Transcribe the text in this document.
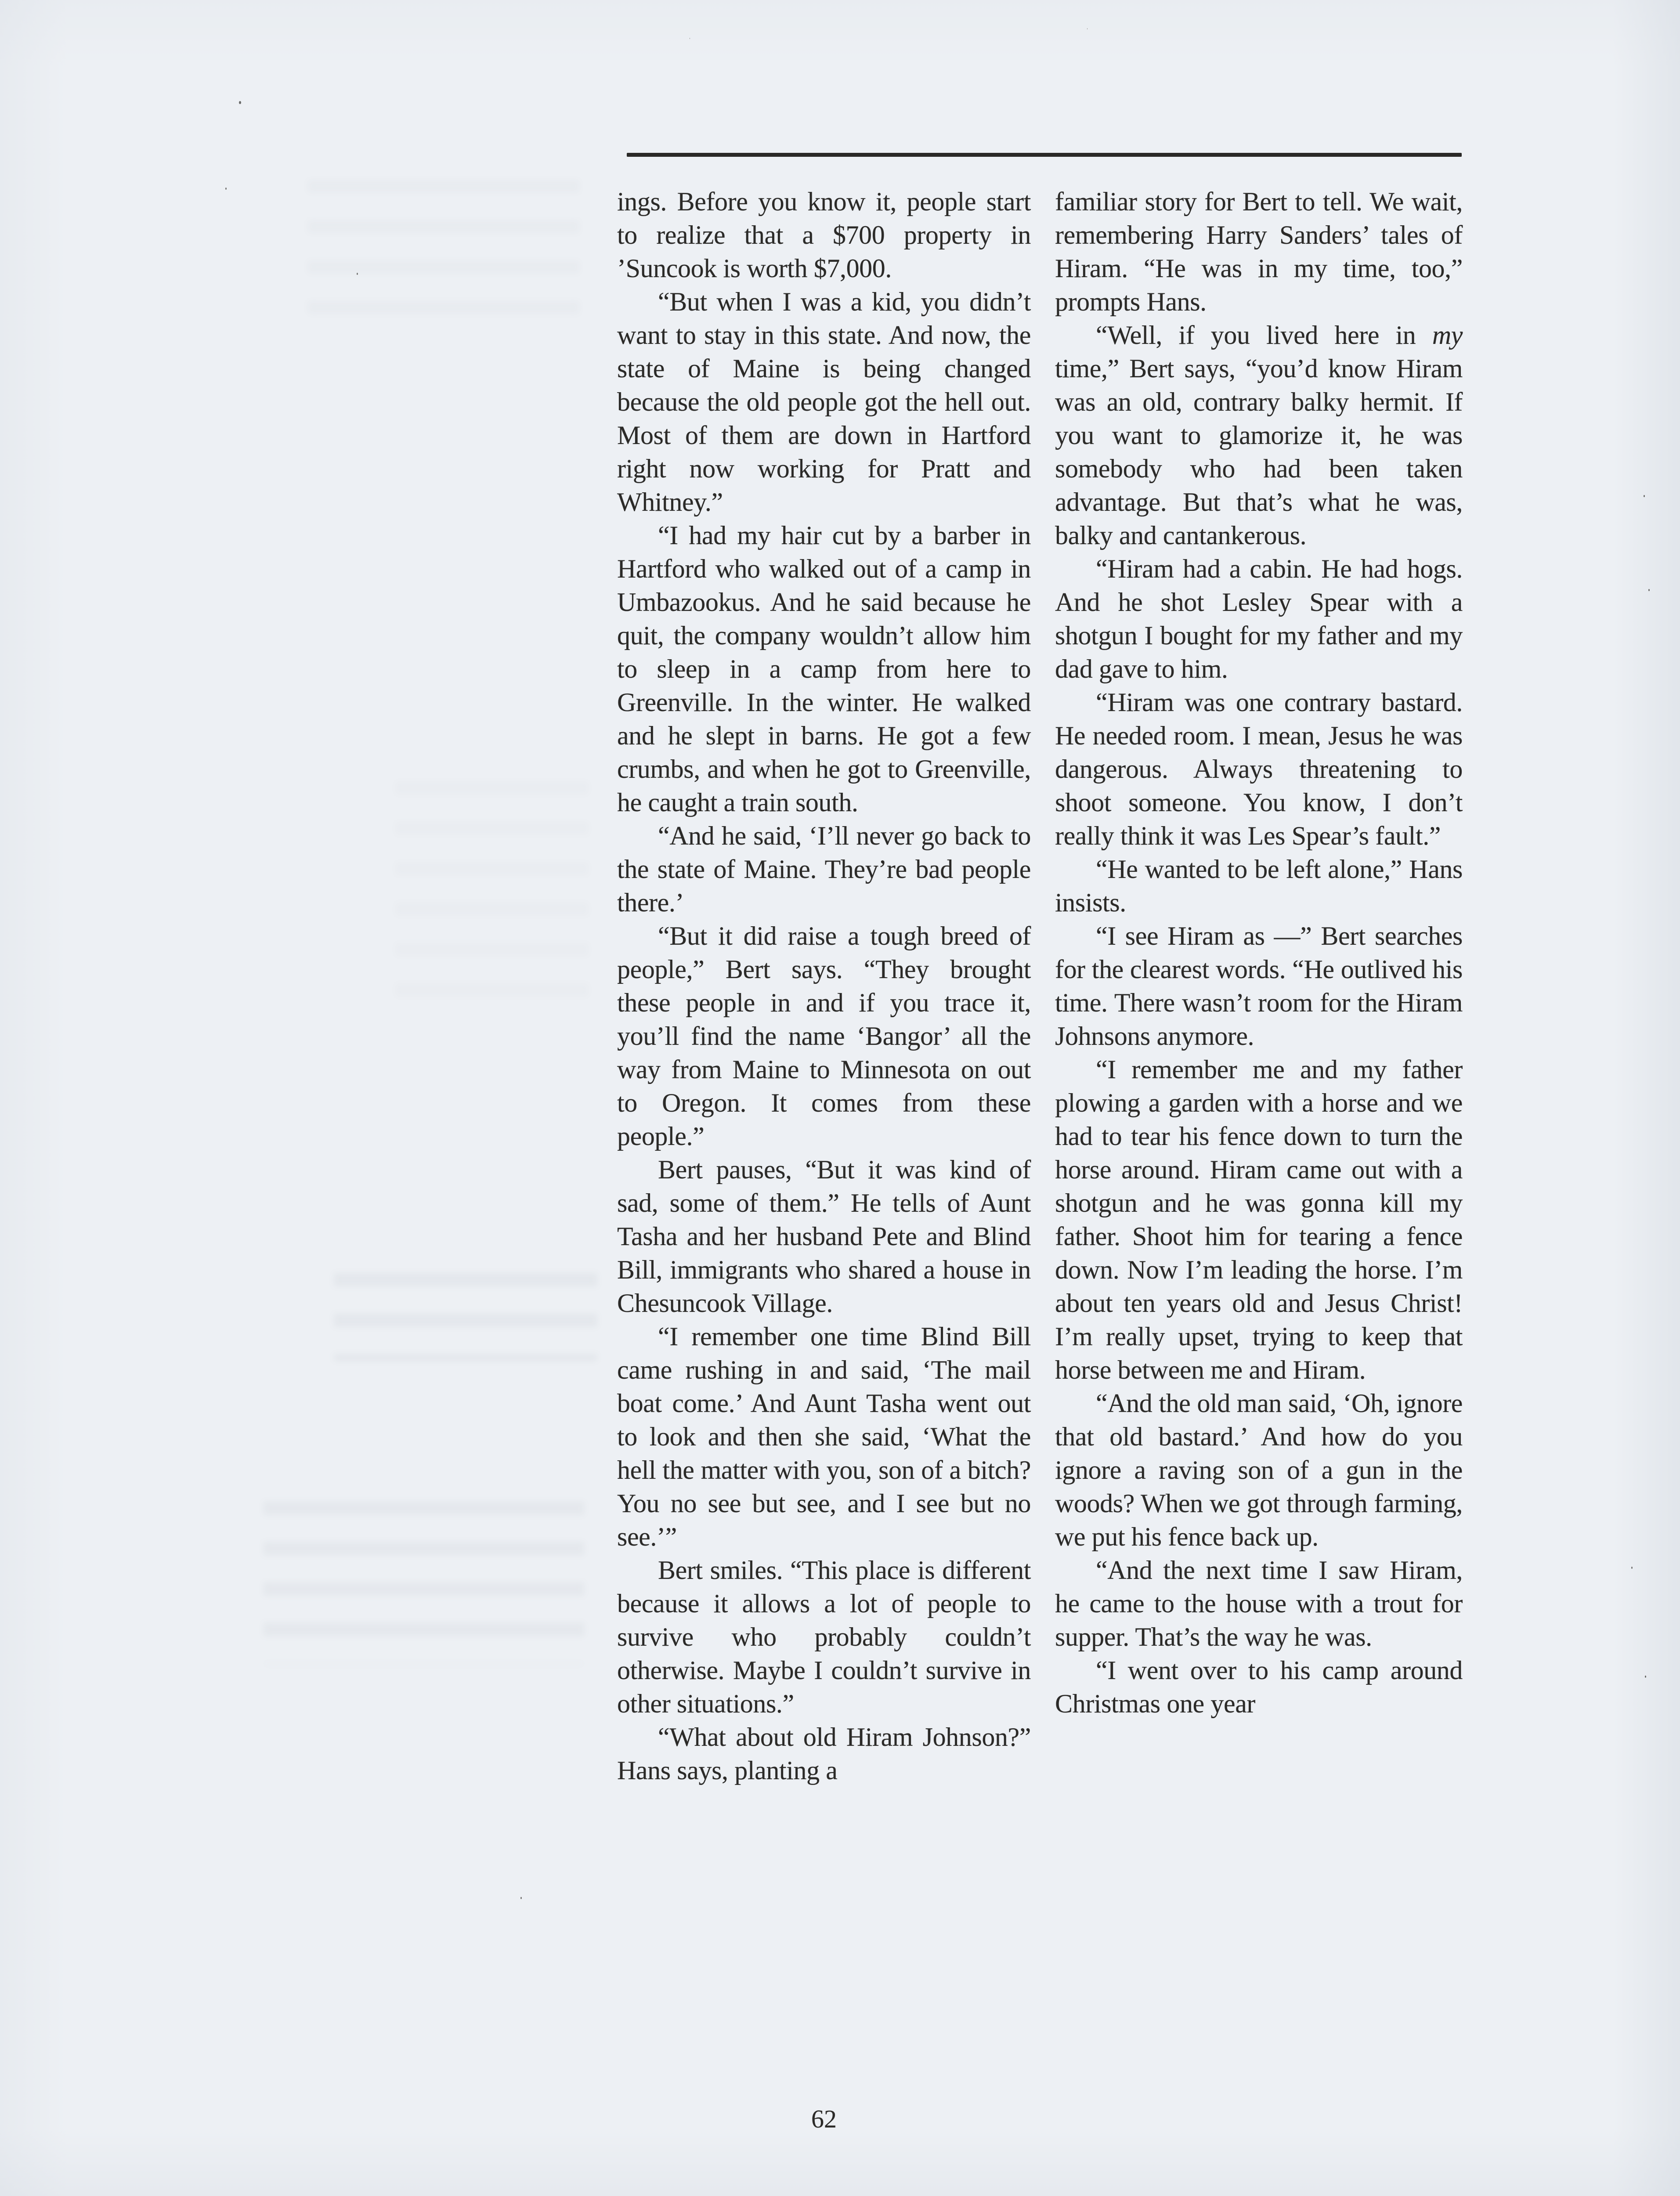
ings. Before you know it, people start to realize that a $700 property in ’Suncook is worth $7,000.

“But when I was a kid, you didn’t want to stay in this state. And now, the state of Maine is being changed because the old people got the hell out. Most of them are down in Hartford right now working for Pratt and Whitney.”

“I had my hair cut by a barber in Hartford who walked out of a camp in Umbazookus. And he said because he quit, the company wouldn’t allow him to sleep in a camp from here to Greenville. In the winter. He walked and he slept in barns. He got a few crumbs, and when he got to Greenville, he caught a train south.

“And he said, ‘I’ll never go back to the state of Maine. They’re bad people there.’

“But it did raise a tough breed of people,” Bert says. “They brought these people in and if you trace it, you’ll find the name ‘Bangor’ all the way from Maine to Minnesota on out to Oregon. It comes from these people.”

Bert pauses, “But it was kind of sad, some of them.” He tells of Aunt Tasha and her husband Pete and Blind Bill, immigrants who shared a house in Chesuncook Village.

“I remember one time Blind Bill came rushing in and said, ‘The mail boat come.’ And Aunt Tasha went out to look and then she said, ‘What the hell the matter with you, son of a bitch? You no see but see, and I see but no see.’”

Bert smiles. “This place is different because it allows a lot of people to survive who probably couldn’t otherwise. Maybe I couldn’t survive in other situations.”

“What about old Hiram Johnson?” Hans says, planting a

familiar story for Bert to tell. We wait, remembering Harry Sanders’ tales of Hiram. “He was in my time, too,” prompts Hans.

“Well, if you lived here in my time,” Bert says, “you’d know Hiram was an old, contrary balky hermit. If you want to glamorize it, he was somebody who had been taken advantage. But that’s what he was, balky and cantankerous.

“Hiram had a cabin. He had hogs. And he shot Lesley Spear with a shotgun I bought for my father and my dad gave to him.

“Hiram was one contrary bastard. He needed room. I mean, Jesus he was dangerous. Always threatening to shoot someone. You know, I don’t really think it was Les Spear’s fault.”

“He wanted to be left alone,” Hans insists.

“I see Hiram as —” Bert searches for the clearest words. “He outlived his time. There wasn’t room for the Hiram Johnsons anymore.

“I remember me and my father plowing a garden with a horse and we had to tear his fence down to turn the horse around. Hiram came out with a shotgun and he was gonna kill my father. Shoot him for tearing a fence down. Now I’m leading the horse. I’m about ten years old and Jesus Christ! I’m really upset, trying to keep that horse between me and Hiram.

“And the old man said, ‘Oh, ignore that old bastard.’ And how do you ignore a raving son of a gun in the woods? When we got through farming, we put his fence back up.

“And the next time I saw Hiram, he came to the house with a trout for supper. That’s the way he was.

“I went over to his camp around Christmas one year

62
